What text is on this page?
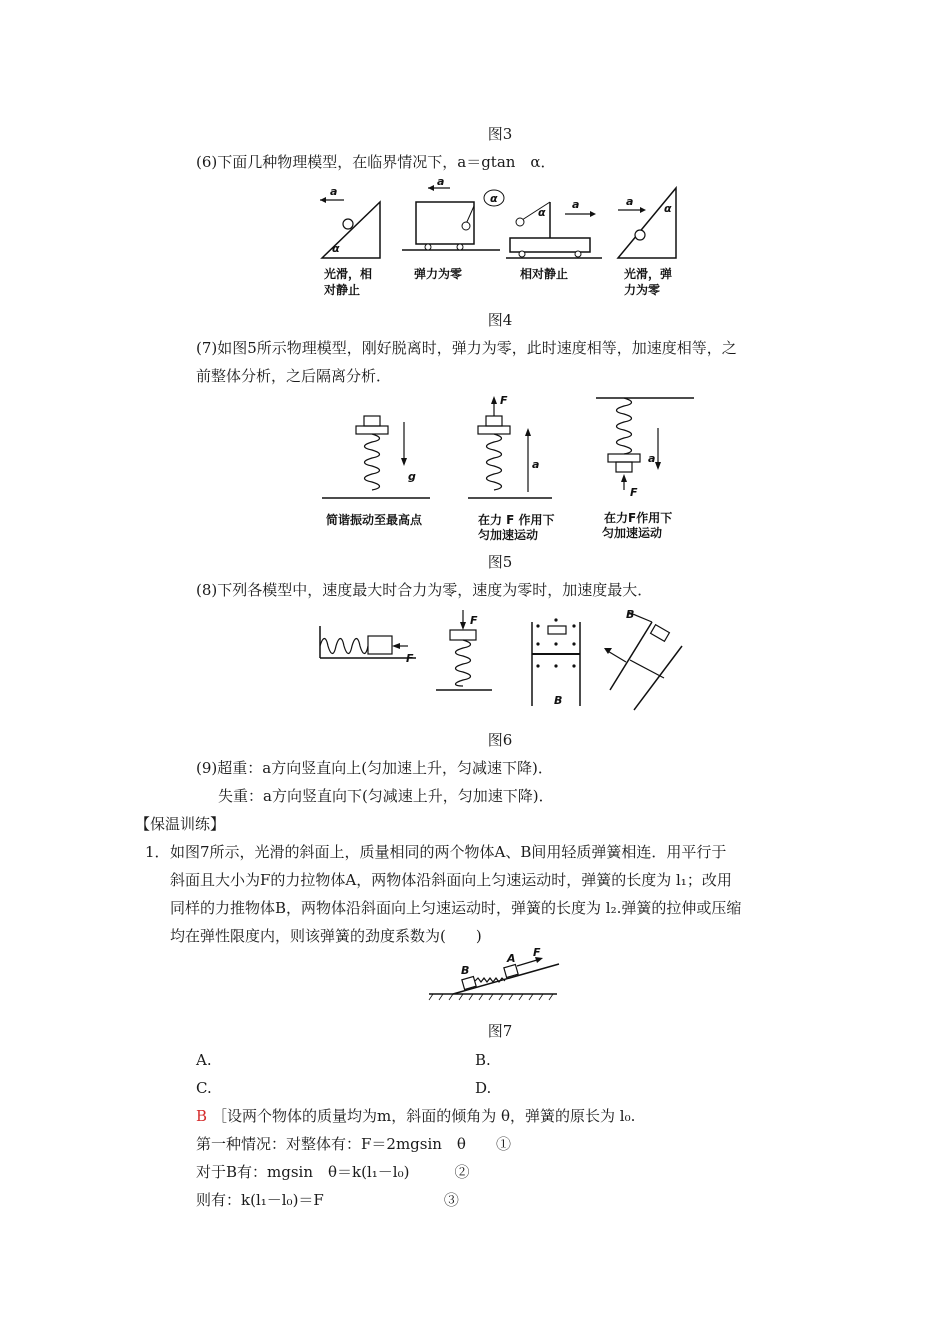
图3
(6)下面几种物理模型，在临界情况下，a＝gtan　α．
a
α
α
a
α
a	a
α
光滑，相
对静止
弹力为零	相对静止	光滑，弹
力为零
图4
(7)如图5所示物理模型，刚好脱离时，弹力为零，此时速度相等，加速度相等，之
前整体分析，之后隔离分析．
g
F
a
F
a
简谐振动至最高点	在力 F 作用下
匀加速运动
在力F作用下
匀加速运动
图5
(8)下列各模型中，速度最大时合力为零，速度为零时，加速度最大．
F
F
B
B
图6
(9)超重：a方向竖直向上(匀加速上升，匀减速下降)．
失重：a方向竖直向下(匀减速上升，匀加速下降)．
【保温训练】
1． 如图7所示，光滑的斜面上，质量相同的两个物体A、B间用轻质弹簧相连．用平行于
斜面且大小为F的力拉物体A，两物体沿斜面向上匀速运动时，弹簧的长度为 l₁；改用
同样的力推物体B，两物体沿斜面向上匀速运动时，弹簧的长度为 l₂.弹簧的拉伸或压缩
均在弹性限度内，则该弹簧的劲度系数为(　　)
B
A F
图7
A.	B.
C.	D.
B ［设两个物体的质量均为m，斜面的倾角为 θ，弹簧的原长为 l₀.
第一种情况：对整体有：F＝2mgsin　θ　　①
对于B有：mgsin　θ＝k(l₁－l₀)　　　②
则有：k(l₁－l₀)＝F　　　　　　　　③
